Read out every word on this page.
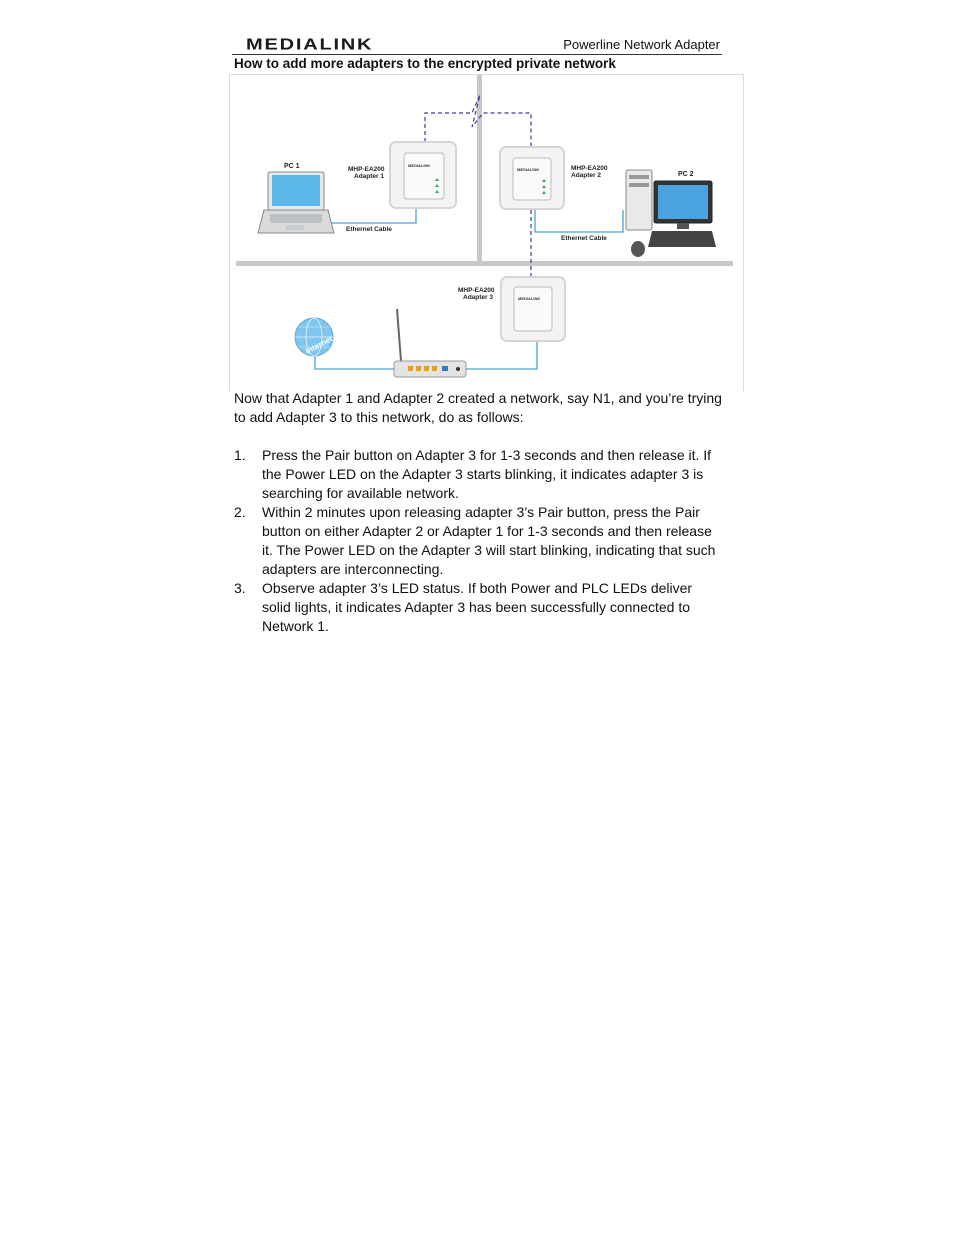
MEDIALINK	Powerline Network Adapter
How to add more adapters to the encrypted private network
PC 1	MEDIALINK
MHP-EA200
Adapter 1
Ethernet Cable
MEDIALINK	MHP-EA200
Adapter 2
Ethernet Cable
PC 2
MEDIALINK
MHP-EA200
Adapter 3
Internet

Now that Adapter 1 and Adapter 2 created a network, say N1, and you’re trying to add Adapter 3 to this network, do as follows:

1. Press the Pair button on Adapter 3 for 1-3 seconds and then release it. If the Power LED on the Adapter 3 starts blinking, it indicates adapter 3 is searching for available network.
2. Within 2 minutes upon releasing adapter 3’s Pair button, press the Pair button on either Adapter 2 or Adapter 1 for 1-3 seconds and then release it. The Power LED on the Adapter 3 will start blinking, indicating that such adapters are interconnecting.
3. Observe adapter 3’s LED status. If both Power and PLC LEDs deliver solid lights, it indicates Adapter 3 has been successfully connected to Network 1.
